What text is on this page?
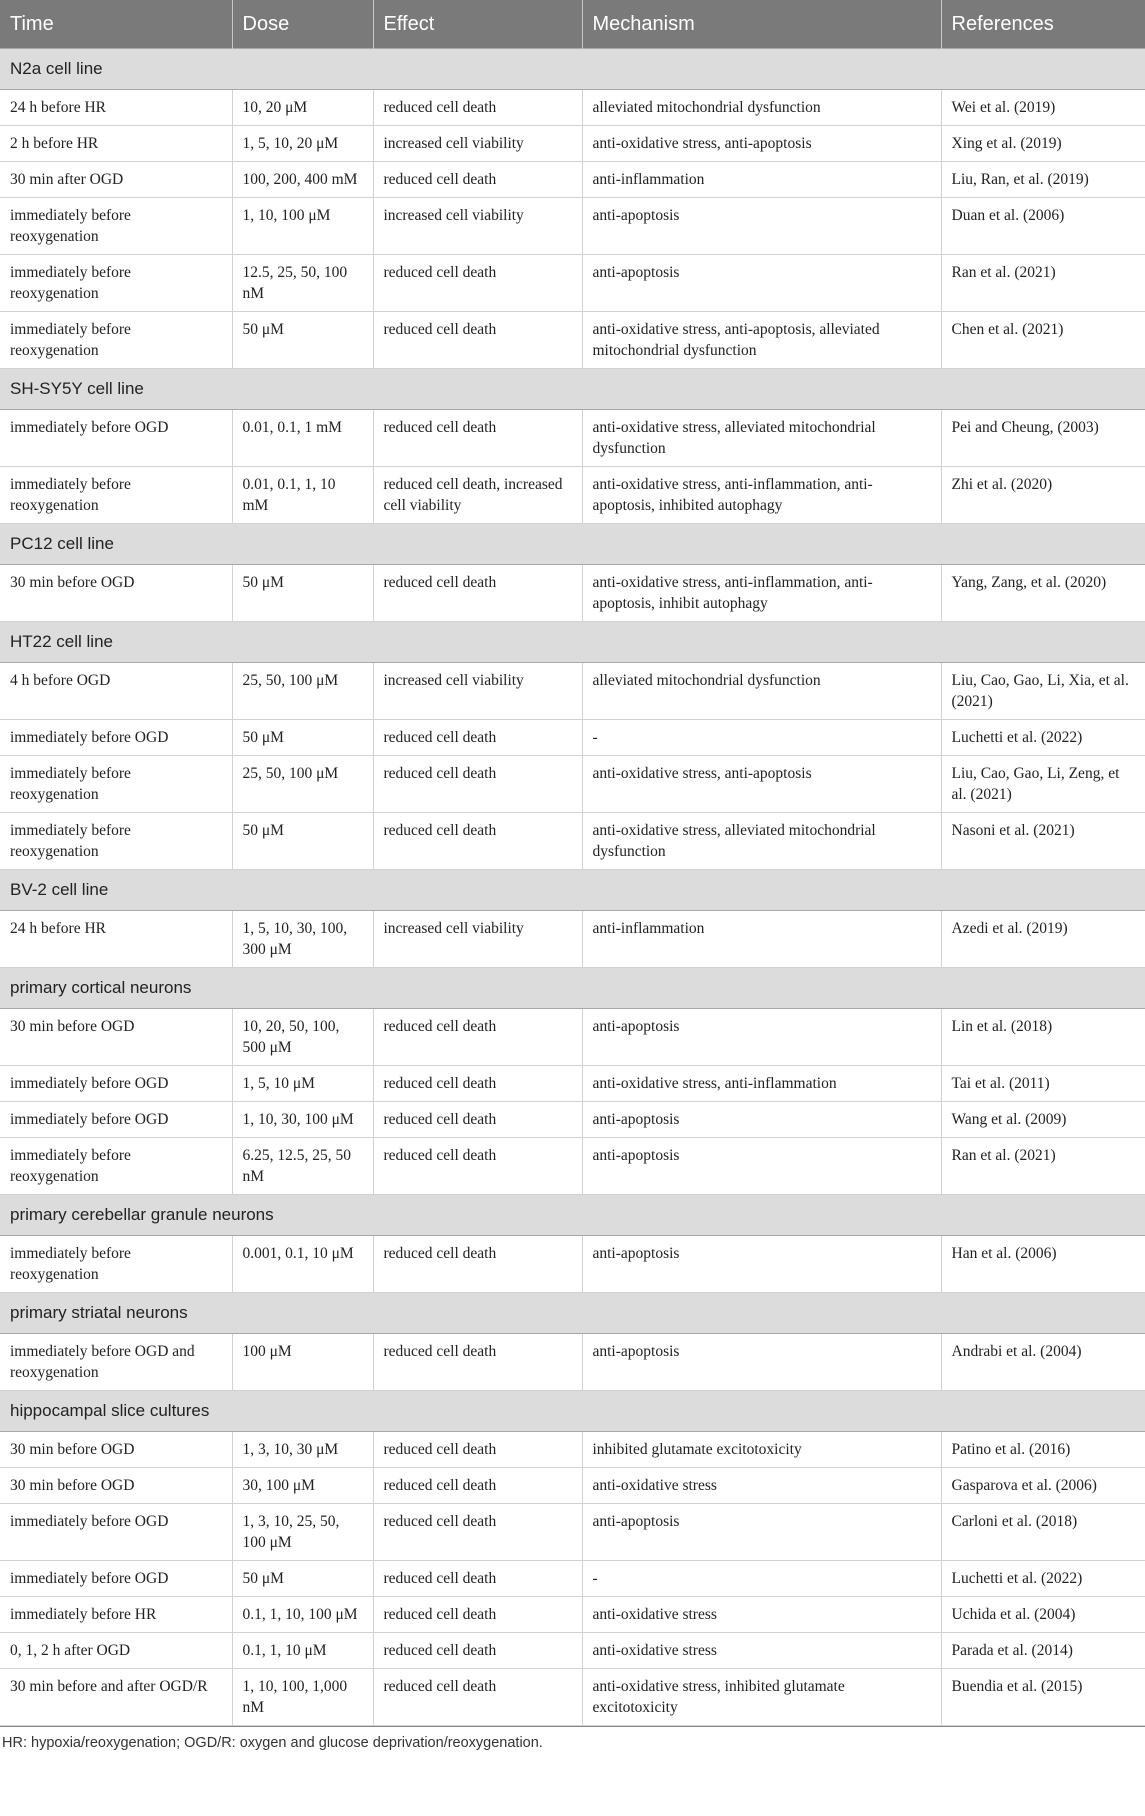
Time	Dose	Effect	Mechanism	References
N2a cell line				
24 h before HR	10, 20 μM	reduced cell death	alleviated mitochondrial dysfunction	Wei et al. (2019)
2 h before HR	1, 5, 10, 20 μM	increased cell viability	anti-oxidative stress, anti-apoptosis	Xing et al. (2019)
30 min after OGD	100, 200, 400 mM	reduced cell death	anti-inflammation	Liu, Ran, et al. (2019)
immediately before reoxygenation	1, 10, 100 μM	increased cell viability	anti-apoptosis	Duan et al. (2006)
immediately before reoxygenation	12.5, 25, 50, 100 nM	reduced cell death	anti-apoptosis	Ran et al. (2021)
immediately before reoxygenation	50 μM	reduced cell death	anti-oxidative stress, anti-apoptosis, alleviated mitochondrial dysfunction	Chen et al. (2021)
SH-SY5Y cell line				
immediately before OGD	0.01, 0.1, 1 mM	reduced cell death	anti-oxidative stress, alleviated mitochondrial dysfunction	Pei and Cheung, (2003)
immediately before reoxygenation	0.01, 0.1, 1, 10 mM	reduced cell death, increased cell viability	anti-oxidative stress, anti-inflammation, anti-apoptosis, inhibited autophagy	Zhi et al. (2020)
PC12 cell line				
30 min before OGD	50 μM	reduced cell death	anti-oxidative stress, anti-inflammation, anti-apoptosis, inhibit autophagy	Yang, Zang, et al. (2020)
HT22 cell line				
4 h before OGD	25, 50, 100 μM	increased cell viability	alleviated mitochondrial dysfunction	Liu, Cao, Gao, Li, Xia, et al. (2021)
immediately before OGD	50 μM	reduced cell death	-	Luchetti et al. (2022)
immediately before reoxygenation	25, 50, 100 μM	reduced cell death	anti-oxidative stress, anti-apoptosis	Liu, Cao, Gao, Li, Zeng, et al. (2021)
immediately before reoxygenation	50 μM	reduced cell death	anti-oxidative stress, alleviated mitochondrial dysfunction	Nasoni et al. (2021)
BV-2 cell line				
24 h before HR	1, 5, 10, 30, 100, 300 μM	increased cell viability	anti-inflammation	Azedi et al. (2019)
primary cortical neurons				
30 min before OGD	10, 20, 50, 100, 500 μM	reduced cell death	anti-apoptosis	Lin et al. (2018)
immediately before OGD	1, 5, 10 μM	reduced cell death	anti-oxidative stress, anti-inflammation	Tai et al. (2011)
immediately before OGD	1, 10, 30, 100 μM	reduced cell death	anti-apoptosis	Wang et al. (2009)
immediately before reoxygenation	6.25, 12.5, 25, 50 nM	reduced cell death	anti-apoptosis	Ran et al. (2021)
primary cerebellar granule neurons				
immediately before reoxygenation	0.001, 0.1, 10 μM	reduced cell death	anti-apoptosis	Han et al. (2006)
primary striatal neurons				
immediately before OGD and reoxygenation	100 μM	reduced cell death	anti-apoptosis	Andrabi et al. (2004)
hippocampal slice cultures				
30 min before OGD	1, 3, 10, 30 μM	reduced cell death	inhibited glutamate excitotoxicity	Patino et al. (2016)
30 min before OGD	30, 100 μM	reduced cell death	anti-oxidative stress	Gasparova et al. (2006)
immediately before OGD	1, 3, 10, 25, 50, 100 μM	reduced cell death	anti-apoptosis	Carloni et al. (2018)
immediately before OGD	50 μM	reduced cell death	-	Luchetti et al. (2022)
immediately before HR	0.1, 1, 10, 100 μM	reduced cell death	anti-oxidative stress	Uchida et al. (2004)
0, 1, 2 h after OGD	0.1, 1, 10 μM	reduced cell death	anti-oxidative stress	Parada et al. (2014)
30 min before and after OGD/R	1, 10, 100, 1,000 nM	reduced cell death	anti-oxidative stress, inhibited glutamate excitotoxicity	Buendia et al. (2015)
HR: hypoxia/reoxygenation; OGD/R: oxygen and glucose deprivation/reoxygenation.
